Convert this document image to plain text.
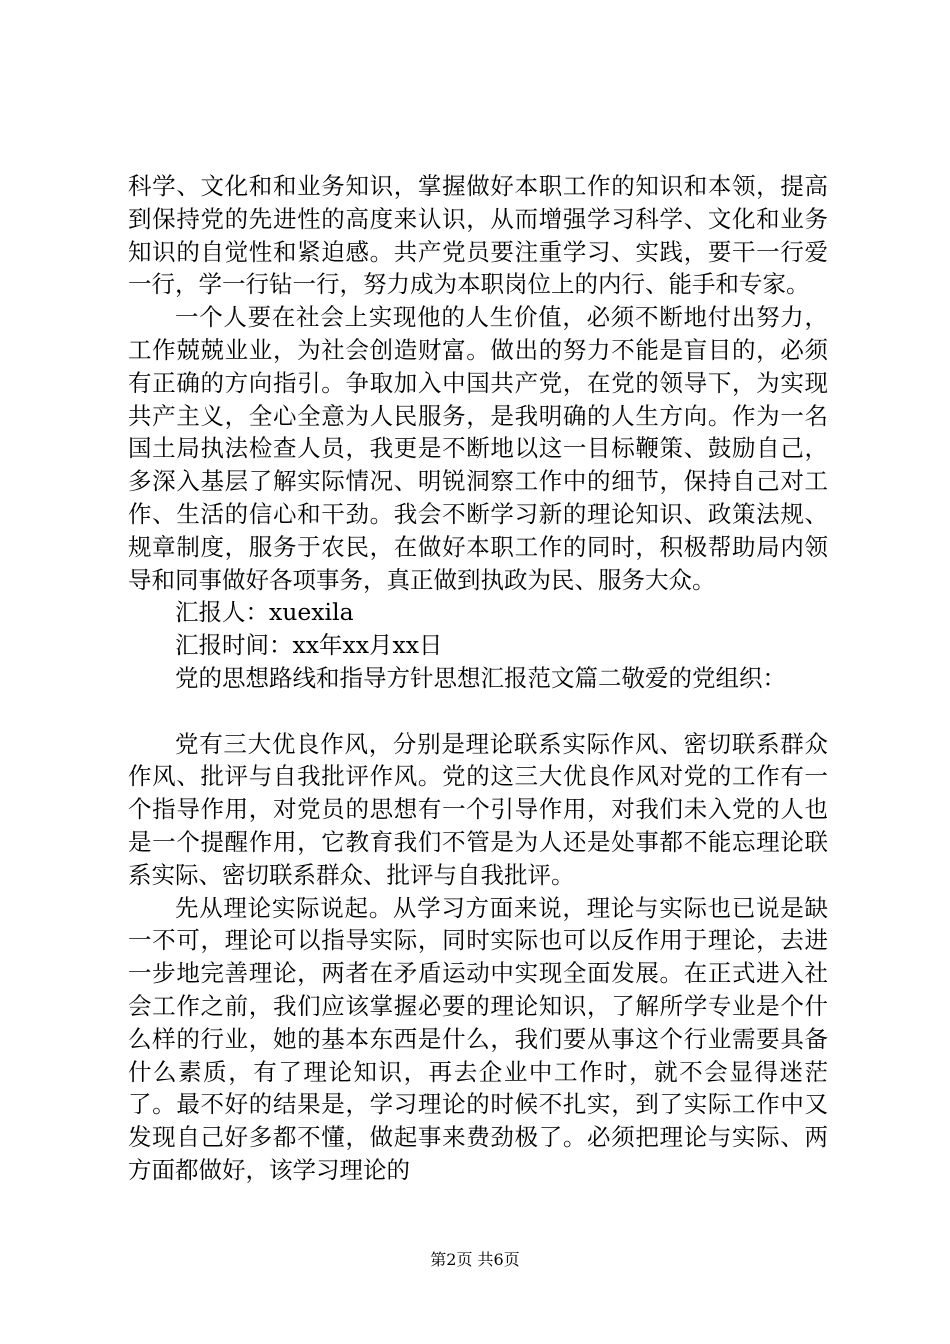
科学、文化和和业务知识，掌握做好本职工作的知识和本领，提高到保持党的先进性的高度来认识，从而增强学习科学、文化和业务知识的自觉性和紧迫感。共产党员要注重学习、实践，要干一行爱一行，学一行钻一行，努力成为本职岗位上的内行、能手和专家。

一个人要在社会上实现他的人生价值，必须不断地付出努力，工作兢兢业业，为社会创造财富。做出的努力不能是盲目的，必须有正确的方向指引。争取加入中国共产党，在党的领导下，为实现共产主义，全心全意为人民服务，是我明确的人生方向。作为一名国土局执法检查人员，我更是不断地以这一目标鞭策、鼓励自己，多深入基层了解实际情况、明锐洞察工作中的细节，保持自己对工作、生活的信心和干劲。我会不断学习新的理论知识、政策法规、规章制度，服务于农民，在做好本职工作的同时，积极帮助局内领导和同事做好各项事务，真正做到执政为民、服务大众。

汇报人：xuexila

汇报时间：xx年xx月xx日

党的思想路线和指导方针思想汇报范文篇二敬爱的党组织：

党有三大优良作风，分别是理论联系实际作风、密切联系群众作风、批评与自我批评作风。党的这三大优良作风对党的工作有一个指导作用，对党员的思想有一个引导作用，对我们未入党的人也是一个提醒作用，它教育我们不管是为人还是处事都不能忘理论联系实际、密切联系群众、批评与自我批评。

先从理论实际说起。从学习方面来说，理论与实际也已说是缺一不可，理论可以指导实际，同时实际也可以反作用于理论，去进一步地完善理论，两者在矛盾运动中实现全面发展。在正式进入社会工作之前，我们应该掌握必要的理论知识，了解所学专业是个什么样的行业，她的基本东西是什么，我们要从事这个行业需要具备什么素质，有了理论知识，再去企业中工作时，就不会显得迷茫了。最不好的结果是，学习理论的时候不扎实，到了实际工作中又发现自己好多都不懂，做起事来费劲极了。必须把理论与实际、两方面都做好，该学习理论的

第2页 共6页
